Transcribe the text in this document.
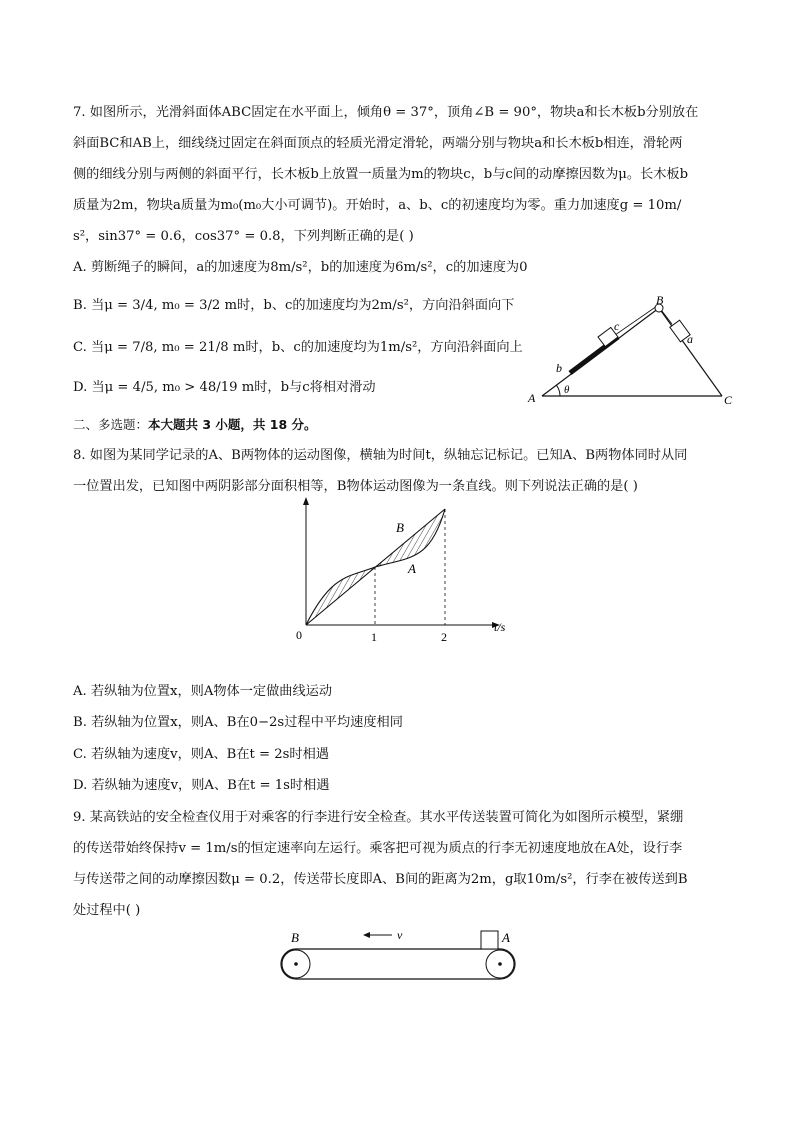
7. 如图所示，光滑斜面体ABC固定在水平面上，倾角θ = 37°，顶角∠B = 90°，物块a和长木板b分别放在
斜面BC和AB上，细线绕过固定在斜面顶点的轻质光滑定滑轮，两端分别与物块a和长木板b相连，滑轮两
侧的细线分别与两侧的斜面平行，长木板b上放置一质量为m的物块c，b与c间的动摩擦因数为μ。长木板b
质量为2m，物块a质量为m₀(m₀大小可调节)。开始时，a、b、c的初速度均为零。重力加速度g = 10m/
s²，sin37° = 0.6，cos37° = 0.8，下列判断正确的是( )
A. 剪断绳子的瞬间，a的加速度为8m/s²，b的加速度为6m/s²，c的加速度为0
B. 当μ = 3/4, m₀ = 3/2 m时，b、c的加速度均为2m/s²，方向沿斜面向下
C. 当μ = 7/8, m₀ = 21/8 m时，b、c的加速度均为1m/s²，方向沿斜面向上
D. 当μ = 4/5, m₀ > 48/19 m时，b与c将相对滑动
A
B
C
θ
b
c
a
二、多选题：本大题共 3 小题，共 18 分。
8. 如图为某同学记录的A、B两物体的运动图像，横轴为时间t，纵轴忘记标记。已知A、B两物体同时从同
一位置出发，已知图中两阴影部分面积相等，B物体运动图像为一条直线。则下列说法正确的是( )
0	1	2
t/s
B
A
A. 若纵轴为位置x，则A物体一定做曲线运动
B. 若纵轴为位置x，则A、B在0−2s过程中平均速度相同
C. 若纵轴为速度v，则A、B在t = 2s时相遇
D. 若纵轴为速度v，则A、B在t = 1s时相遇
9. 某高铁站的安全检查仪用于对乘客的行李进行安全检查。其水平传送装置可简化为如图所示模型，紧绷
的传送带始终保持v = 1m/s的恒定速率向左运行。乘客把可视为质点的行李无初速度地放在A处，设行李
与传送带之间的动摩擦因数μ = 0.2，传送带长度即A、B间的距离为2m，g取10m/s²，行李在被传送到B
处过程中( )
v
B	A
